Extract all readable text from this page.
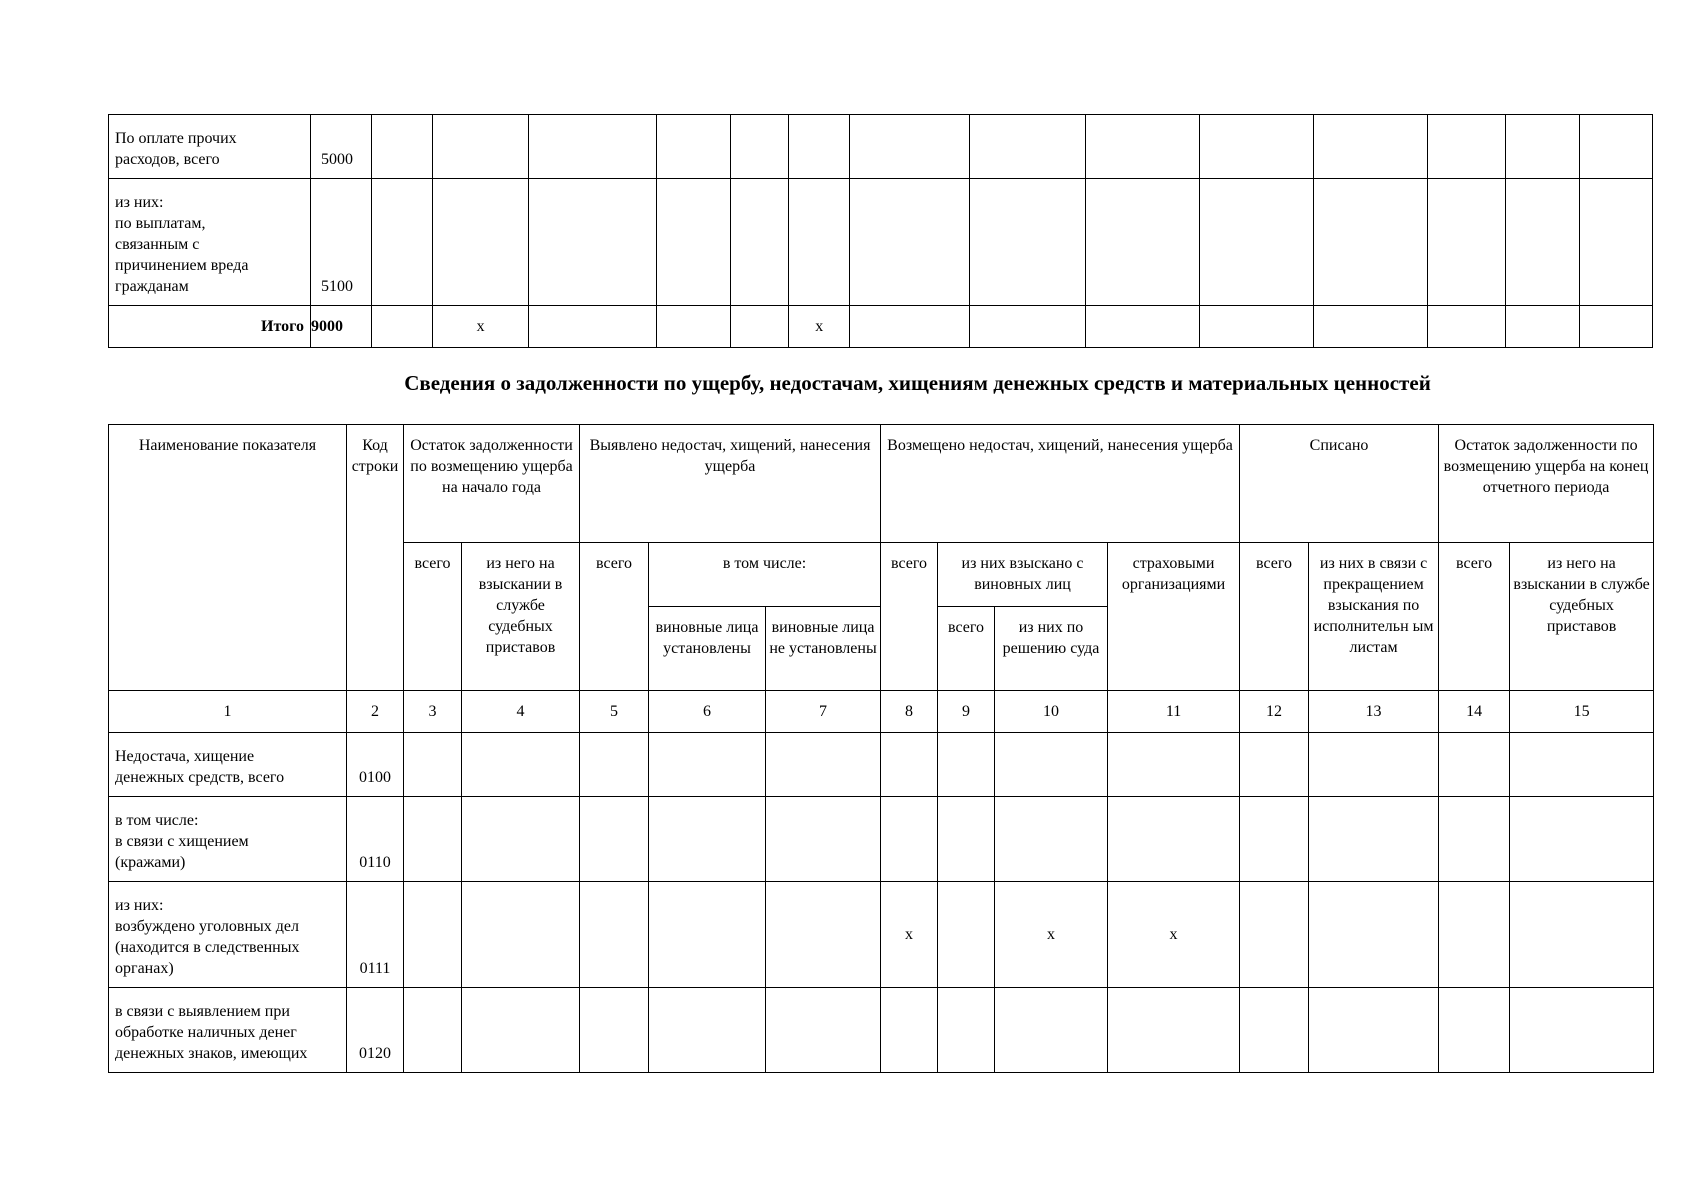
По оплате прочих
расходов, всего	5000														
из них:
по выплатам,
связанным с
причинением вреда
гражданам	5100														
Итого	9000		x				x								
Сведения о задолженности по ущербу, недостачам, хищениям денежных средств и материальных ценностей
Наименование показателя	Код строки	Остаток задолженности по возмещению ущерба на начало года		Выявлено недостач, хищений, нанесения ущерба			Возмещено недостач, хищений, нанесения ущерба				Списано		Остаток задолженности по возмещению ущерба на конец отчетного периода	
		всего	из него на взыскании в службе судебных приставов	всего	в том числе:		всего	из них взыскано с виновных лиц		страховыми организациями	всего	из них в связи с прекращением взыскания по исполнительн ым листам	всего	из него на взыскании в службе судебных приставов
					виновные лица установлены	виновные лица не установлены		всего	из них по решению суда					
1	2	3	4	5	6	7	8	9	10	11	12	13	14	15
Недостача, хищение
денежных средств, всего	0100													
в том числе:
в связи с хищением
(кражами)	0110													
из них:
возбуждено уголовных дел
(находится в следственных
органах)	0111						x		x	x				
в связи с выявлением при
обработке наличных денег
денежных знаков, имеющих	0120													
